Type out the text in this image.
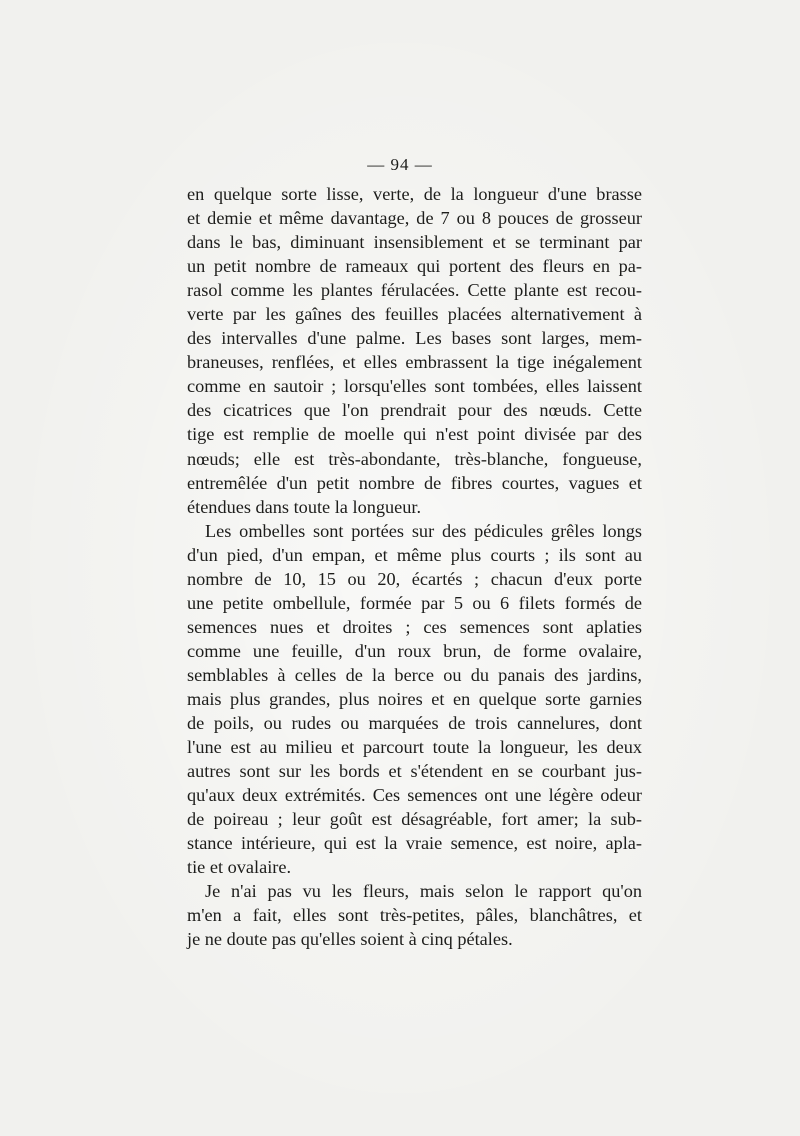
— 94 —
en quelque sorte lisse, verte, de la longueur d'une brasse
et demie et même davantage, de 7 ou 8 pouces de grosseur
dans le bas, diminuant insensiblement et se terminant par
un petit nombre de rameaux qui portent des fleurs en pa-
rasol comme les plantes férulacées. Cette plante est recou-
verte par les gaînes des feuilles placées alternativement à
des intervalles d'une palme. Les bases sont larges, mem-
braneuses, renflées, et elles embrassent la tige inégalement
comme en sautoir ; lorsqu'elles sont tombées, elles laissent
des cicatrices que l'on prendrait pour des nœuds. Cette
tige est remplie de moelle qui n'est point divisée par des
nœuds; elle est très-abondante, très-blanche, fongueuse,
entremêlée d'un petit nombre de fibres courtes, vagues et
étendues dans toute la longueur.
Les ombelles sont portées sur des pédicules grêles longs
d'un pied, d'un empan, et même plus courts ; ils sont au
nombre de 10, 15 ou 20, écartés ; chacun d'eux porte
une petite ombellule, formée par 5 ou 6 filets formés de
semences nues et droites ; ces semences sont aplaties
comme une feuille, d'un roux brun, de forme ovalaire,
semblables à celles de la berce ou du panais des jardins,
mais plus grandes, plus noires et en quelque sorte garnies
de poils, ou rudes ou marquées de trois cannelures, dont
l'une est au milieu et parcourt toute la longueur, les deux
autres sont sur les bords et s'étendent en se courbant jus-
qu'aux deux extrémités. Ces semences ont une légère odeur
de poireau ; leur goût est désagréable, fort amer; la sub-
stance intérieure, qui est la vraie semence, est noire, apla-
tie et ovalaire.
Je n'ai pas vu les fleurs, mais selon le rapport qu'on
m'en a fait, elles sont très-petites, pâles, blanchâtres, et
je ne doute pas qu'elles soient à cinq pétales.
